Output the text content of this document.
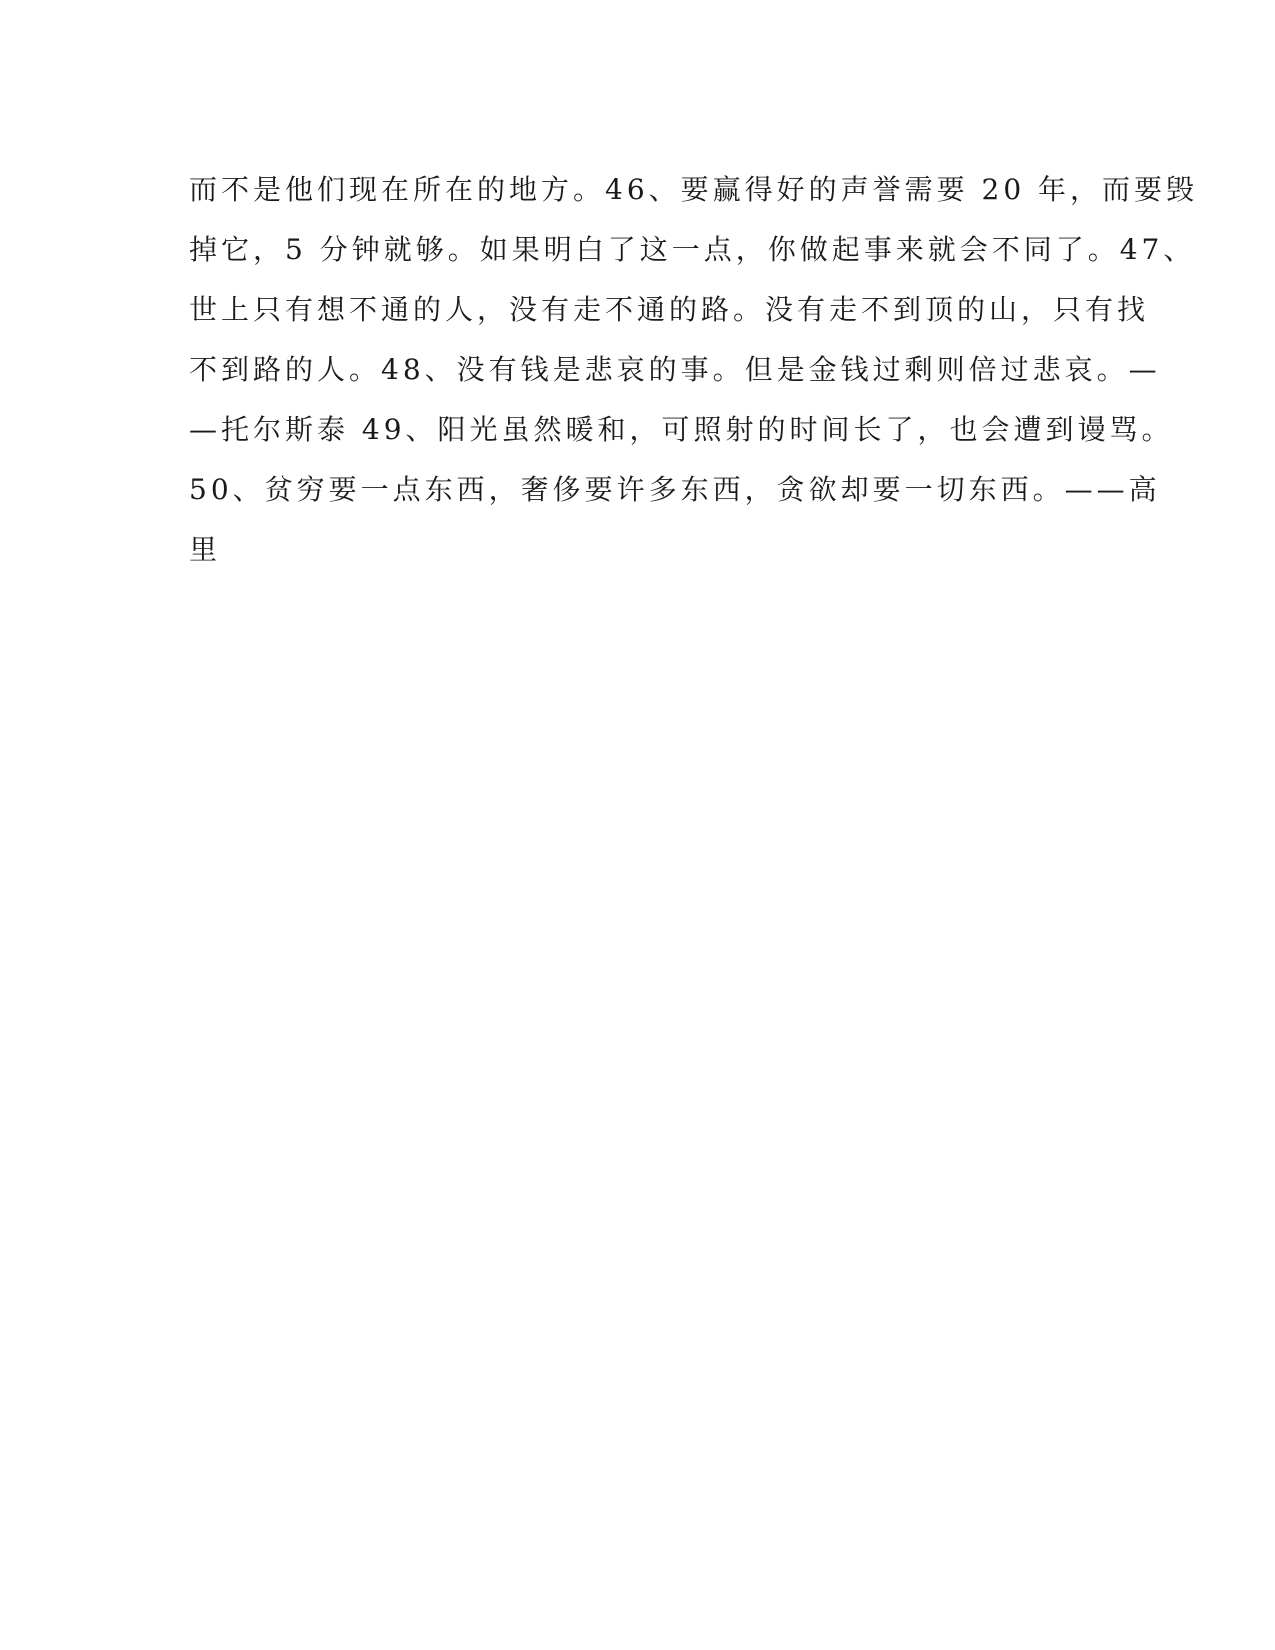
而不是他们现在所在的地方。46、要赢得好的声誉需要 20 年，而要毁
掉它，5 分钟就够。如果明白了这一点，你做起事来就会不同了。47、
世上只有想不通的人，没有走不通的路。没有走不到顶的山，只有找
不到路的人。48、没有钱是悲哀的事。但是金钱过剩则倍过悲哀。—
—托尔斯泰 49、阳光虽然暖和，可照射的时间长了，也会遭到谩骂。
50、贫穷要一点东西，奢侈要许多东西，贪欲却要一切东西。——高
里
